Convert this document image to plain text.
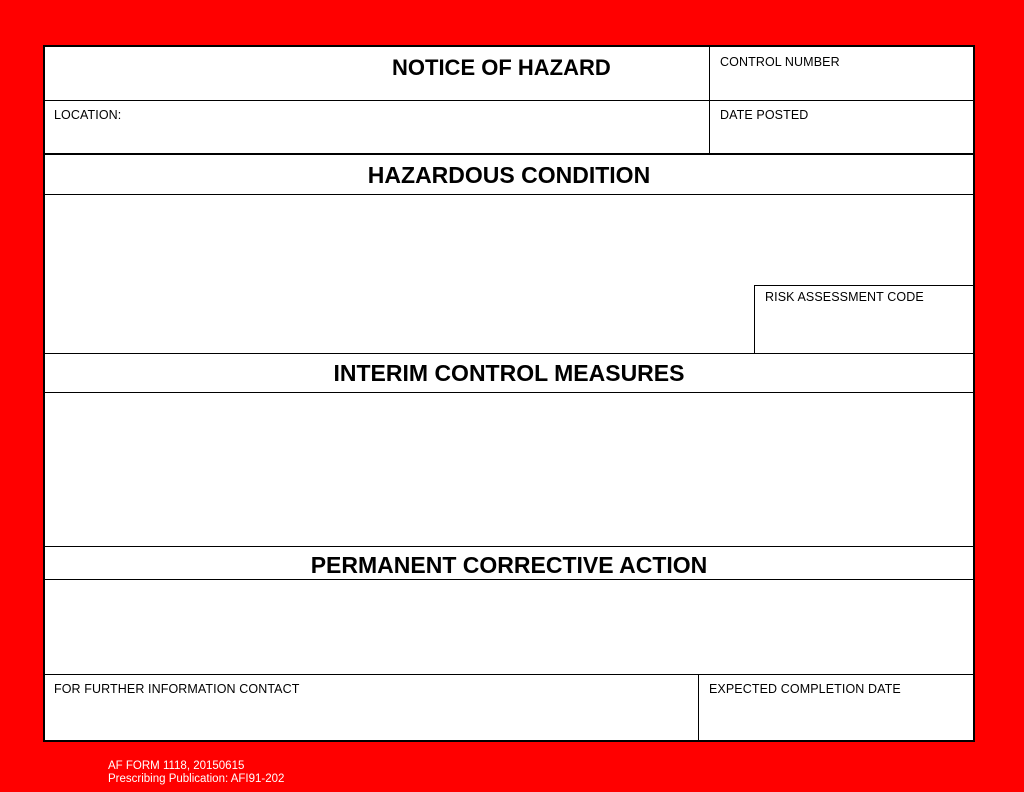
NOTICE OF HAZARD	CONTROL NUMBER
LOCATION:	DATE POSTED
HAZARDOUS CONDITION
RISK ASSESSMENT CODE
INTERIM CONTROL MEASURES
PERMANENT CORRECTIVE ACTION
FOR FURTHER INFORMATION CONTACT	EXPECTED COMPLETION DATE
AF FORM 1118, 20150615
Prescribing Publication: AFI91-202
